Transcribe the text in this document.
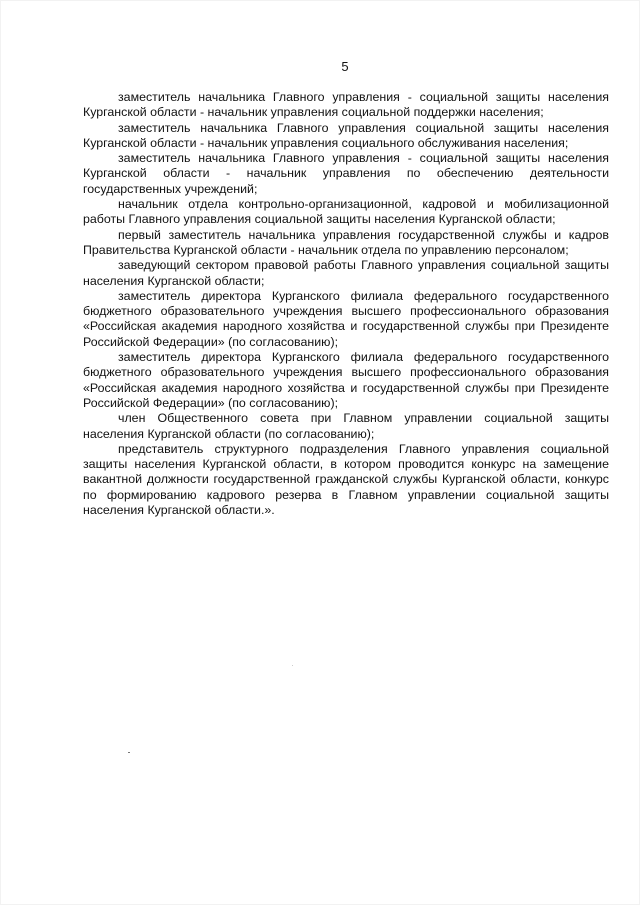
5

заместитель начальника Главного управления - социальной защиты населения Курганской области - начальник управления социальной поддержки населения;

заместитель начальника Главного управления социальной защиты населения Курганской области - начальник управления социального обслуживания населения;

заместитель начальника Главного управления - социальной защиты населения Курганской области - начальник управления по обеспечению деятельности государственных учреждений;

начальник отдела контрольно-организационной, кадровой и мобилизационной работы Главного управления социальной защиты населения Курганской области;

первый заместитель начальника управления государственной службы и кадров Правительства Курганской области - начальник отдела по управлению персоналом;

заведующий сектором правовой работы Главного управления социальной защиты населения Курганской области;

заместитель директора Курганского филиала федерального государственного бюджетного образовательного учреждения высшего профессионального образования «Российская академия народного хозяйства и государственной службы при Президенте Российской Федерации» (по согласованию);

заместитель директора Курганского филиала федерального государственного бюджетного образовательного учреждения высшего профессионального образования «Российская академия народного хозяйства и государственной службы при Президенте Российской Федерации» (по согласованию);

член Общественного совета при Главном управлении социальной защиты населения Курганской области (по согласованию);

представитель структурного подразделения Главного управления социальной защиты населения Курганской области, в котором проводится конкурс на замещение вакантной должности государственной гражданской службы Курганской области, конкурс по формированию кадрового резерва в Главном управлении социальной защиты населения Курганской области.».
